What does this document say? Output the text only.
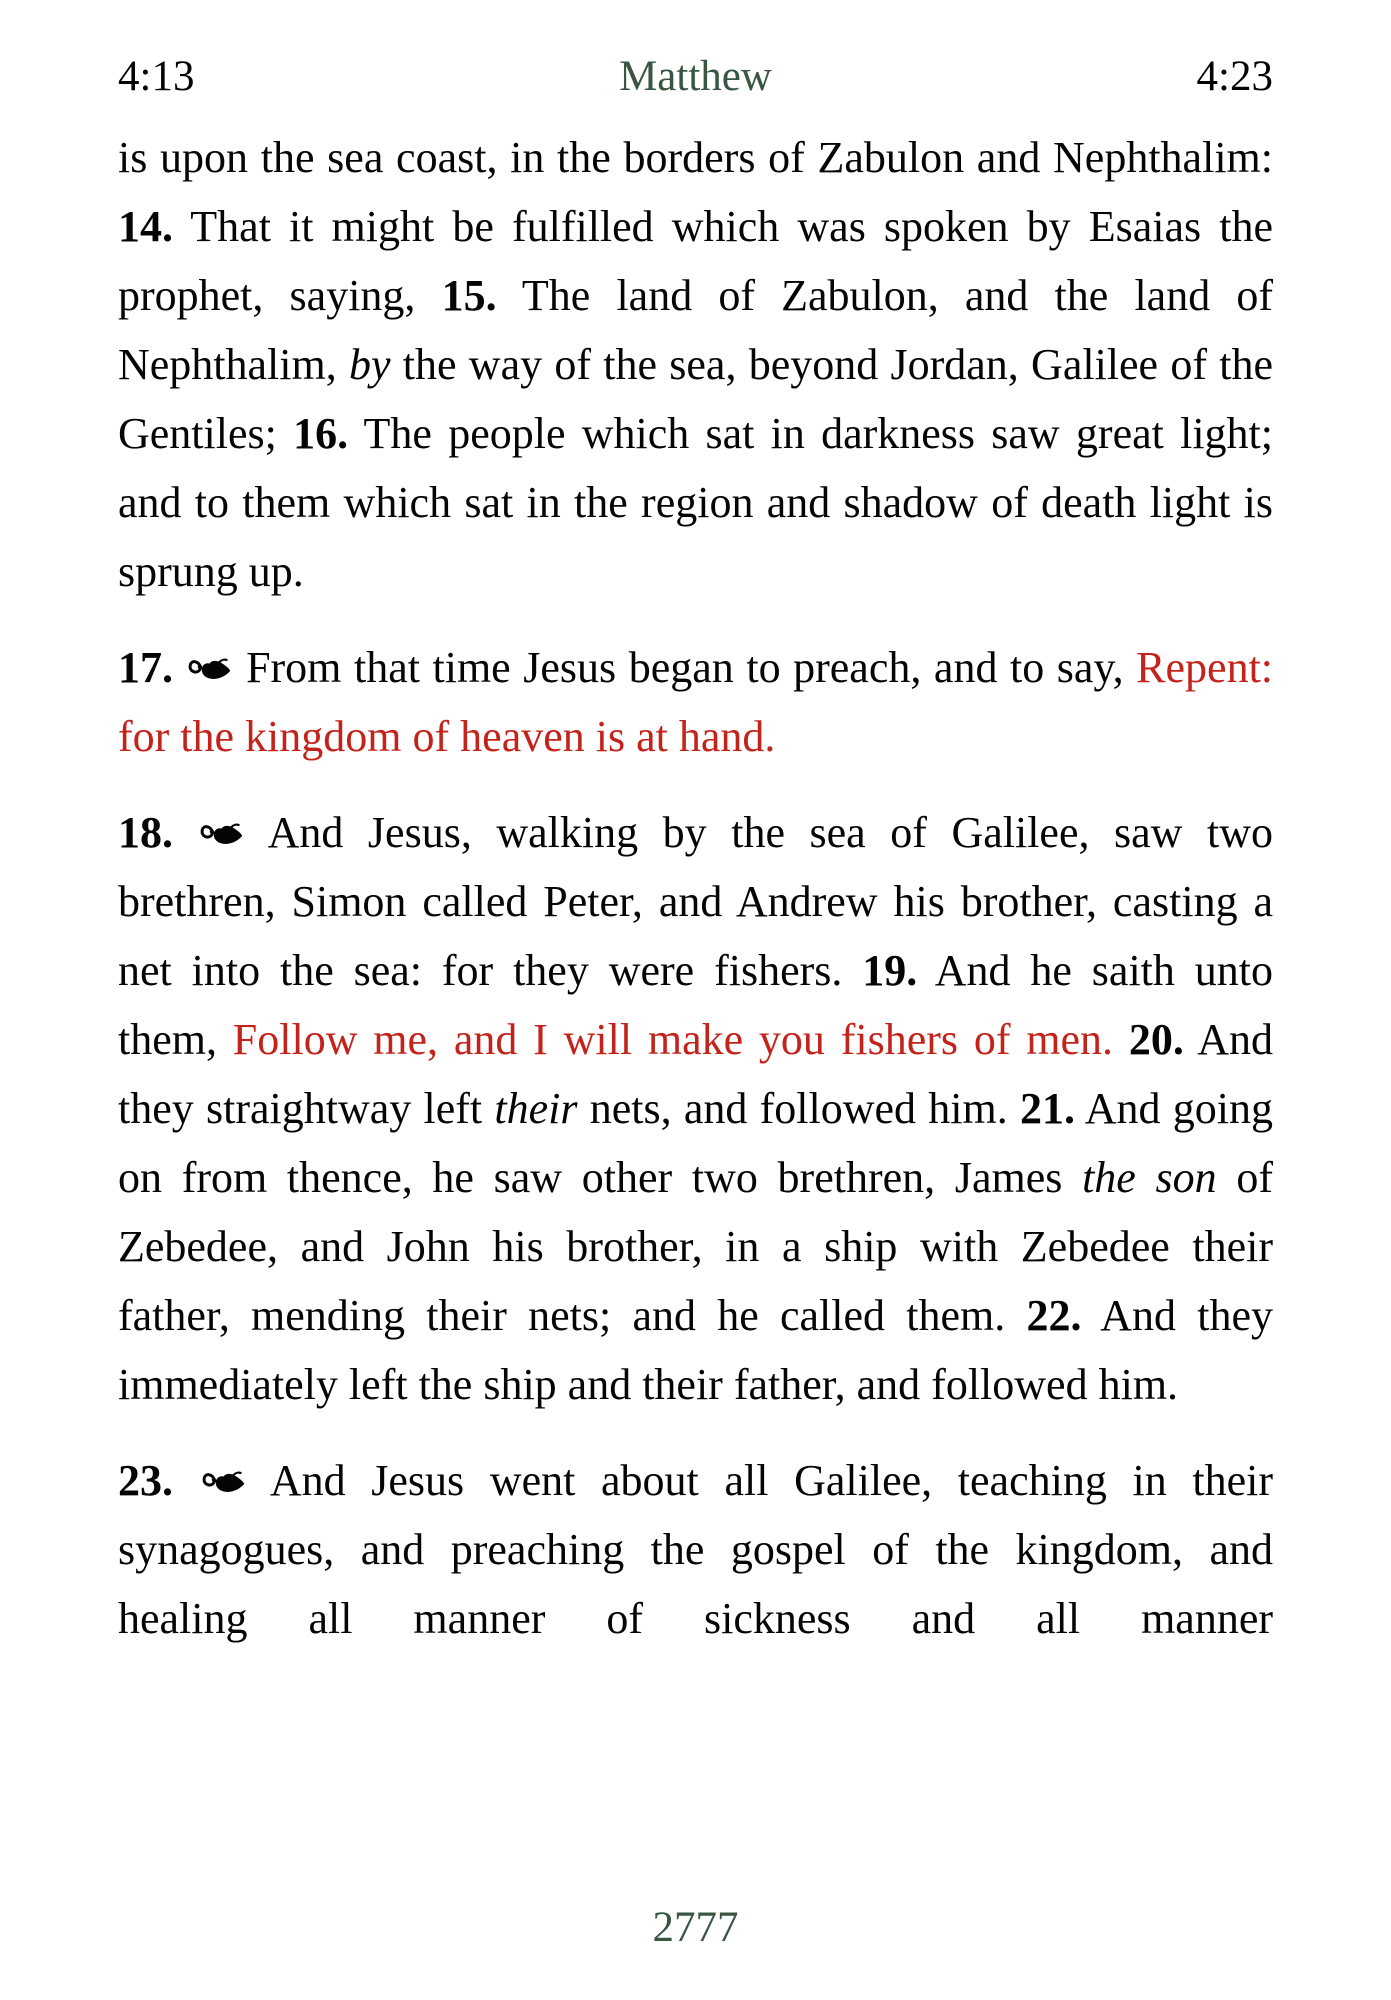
4:13	Matthew	4:23

is upon the sea coast, in the borders of Zabulon and Nephthalim: 14. That it might be fulfilled which was spoken by Esaias the prophet, saying, 15. The land of Zabulon, and the land of Nephthalim, by the way of the sea, beyond Jordan, Galilee of the Gentiles; 16. The people which sat in darkness saw great light; and to them which sat in the region and shadow of death light is sprung up.

17.
From that time Jesus began to preach, and to say, Repent: for the kingdom of heaven is at hand.

18.
And Jesus, walking by the sea of Galilee, saw two brethren, Simon called Peter, and Andrew his brother, casting a net into the sea: for they were fishers. 19. And he saith unto them, Follow me, and I will make you fishers of men. 20. And they straightway left their nets, and followed him. 21. And going on from thence, he saw other two brethren, James the son of Zebedee, and John his brother, in a ship with Zebedee their father, mending their nets; and he called them. 22. And they immediately left the ship and their father, and followed him.

23.
And Jesus went about all Galilee, teaching in their synagogues, and preaching the gospel of the kingdom, and healing all manner of sickness and all manner

2777
